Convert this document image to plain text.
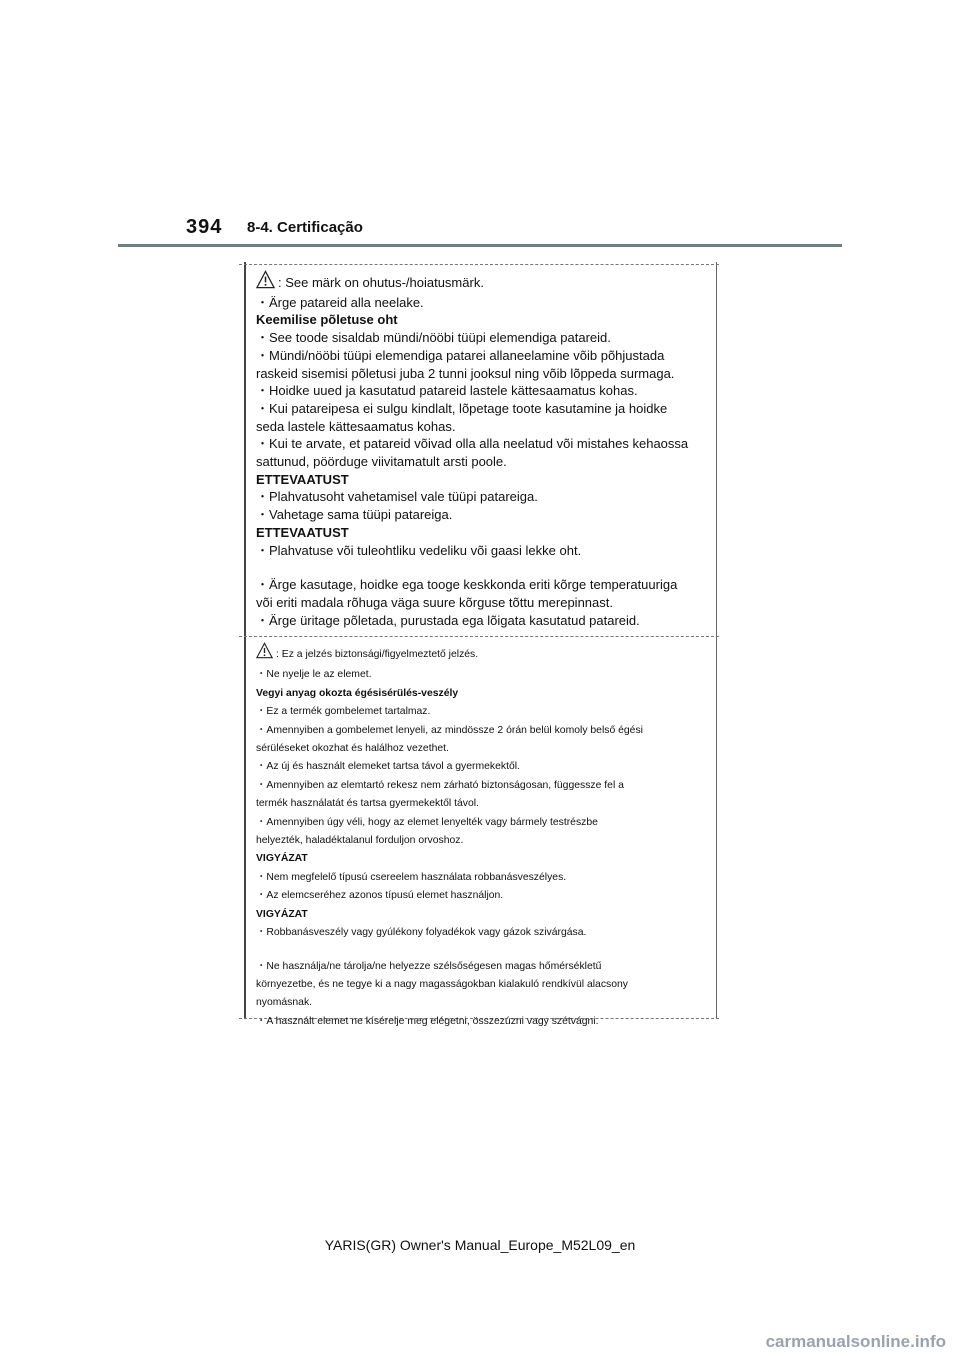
394 8-4. Certificação
: See märk on ohutus-/hoiatusmärk.
・Ärge patareid alla neelake.
Keemilise põletuse oht
・See toode sisaldab mündi/nööbi tüüpi elemendiga patareid.
・Mündi/nööbi tüüpi elemendiga patarei allaneelamine võib põhjustada
raskeid sisemisi põletusi juba 2 tunni jooksul ning võib lõppeda surmaga.
・Hoidke uued ja kasutatud patareid lastele kättesaamatus kohas.
・Kui patareipesa ei sulgu kindlalt, lõpetage toote kasutamine ja hoidke
seda lastele kättesaamatus kohas.
・Kui te arvate, et patareid võivad olla alla neelatud või mistahes kehaossa
sattunud, pöörduge viivitamatult arsti poole.
ETTEVAATUST
・Plahvatusoht vahetamisel vale tüüpi patareiga.
・Vahetage sama tüüpi patareiga.
ETTEVAATUST
・Plahvatuse või tuleohtliku vedeliku või gaasi lekke oht.
・Ärge kasutage, hoidke ega tooge keskkonda eriti kõrge temperatuuriga
või eriti madala rõhuga väga suure kõrguse tõttu merepinnast.
・Ärge üritage põletada, purustada ega lõigata kasutatud patareid.
: Ez a jelzés biztonsági/figyelmeztető jelzés.
・Ne nyelje le az elemet.
Vegyi anyag okozta égésisérülés-veszély
・Ez a termék gombelemet tartalmaz.
・Amennyiben a gombelemet lenyeli, az mindössze 2 órán belül komoly belső égési
sérüléseket okozhat és halálhoz vezethet.
・Az új és használt elemeket tartsa távol a gyermekektől.
・Amennyiben az elemtartó rekesz nem zárható biztonságosan, függessze fel a
termék használatát és tartsa gyermekektől távol.
・Amennyiben úgy véli, hogy az elemet lenyelték vagy bármely testrészbe
helyezték, haladéktalanul forduljon orvoshoz.
VIGYÁZAT
・Nem megfelelő típusú csereelem használata robbanásveszélyes.
・Az elemcseréhez azonos típusú elemet használjon.
VIGYÁZAT
・Robbanásveszély vagy gyúlékony folyadékok vagy gázok szivárgása.
・Ne használja/ne tárolja/ne helyezze szélsőségesen magas hőmérsékletű
környezetbe, és ne tegye ki a nagy magasságokban kialakuló rendkívül alacsony
nyomásnak.
・A használt elemet ne kísérelje meg elégetni, összezúzni vagy szétvágni.
YARIS(GR) Owner's Manual_Europe_M52L09_en
carmanualsonline.info
